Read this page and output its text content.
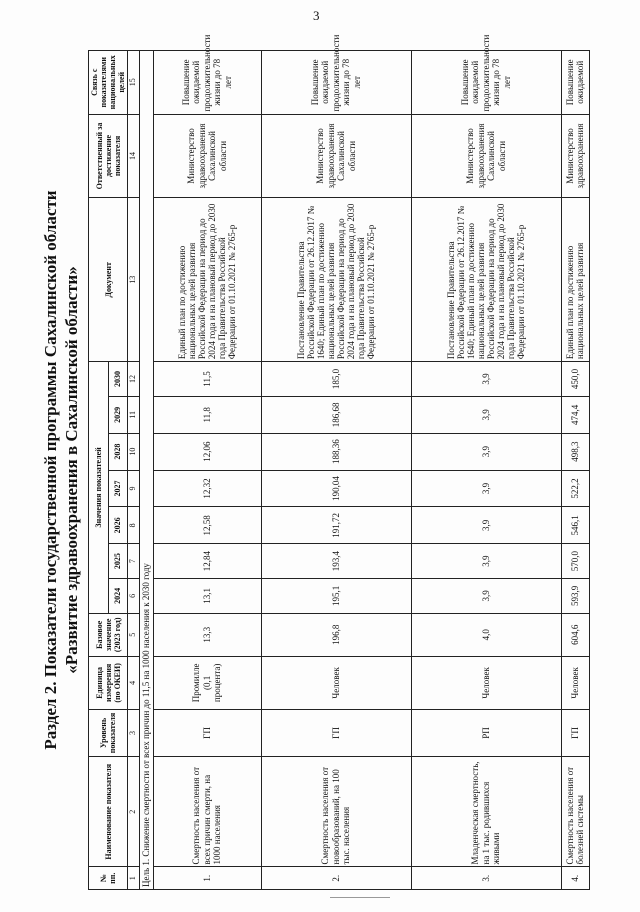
3
Раздел 2. Показатели государственной программы Сахалинской области «Развитие здравоохранения в Сахалинской области»
№ пп.	Наименование показателя	Уровень показателя	Единица измерения (по ОКЕИ)	Базовое значение (2023 год)	Значения показателей							Документ	Ответственный за достижение показателя	Связь с показателями национальных целей
					2024	2025	2026	2027	2028	2029	2030			
1	2	3	4	5	6	7	8	9	10	11	12	13	14	15
Цель 1. Снижение смертности от всех причин до 11,5 на 1000 населения к 2030 году														
1.	Смертность населения от всех причин смерти, на 1000 населения	ГП	Промилле (0,1 процента)	13,3	13,1	12,84	12,58	12,32	12,06	11,8	11,5	Единый план по достижению национальных целей развития Российской Федерации на период до 2024 года и на плановый период до 2030 года Правительства Российской Федерации от 01.10.2021 № 2765-р	Министерство здравоохранения Сахалинской области	Повышение ожидаемой продолжительности жизни до 78 лет
2.	Смертность населения от новообразований, на 100 тыс. населения	ГП	Человек	196,8	195,1	193,4	191,72	190,04	188,36	186,68	185,0	Постановление Правительства Российской Федерации от 26.12.2017 № 1640; Единый план по достижению национальных целей развития Российской Федерации на период до 2024 года и на плановый период до 2030 года Правительства Российской Федерации от 01.10.2021 № 2765-р	Министерство здравоохранения Сахалинской области	Повышение ожидаемой продолжительности жизни до 78 лет
3.	Младенческая смертность, на 1 тыс. родившихся живыми	РП	Человек	4,0	3,9	3,9	3,9	3,9	3,9	3,9	3,9	Постановление Правительства Российской Федерации от 26.12.2017 № 1640; Единый план по достижению национальных целей развития Российской Федерации на период до 2024 года и на плановый период до 2030 года Правительства Российской Федерации от 01.10.2021 № 2765-р	Министерство здравоохранения Сахалинской области	Повышение ожидаемой продолжительности жизни до 78 лет
4.	Смертность населения от болезней системы	ГП	Человек	604,6	593,9	570,0	546,1	522,2	498,3	474,4	450,0	Единый план по достижению национальных целей развития	Министерство здравоохранения	Повышение ожидаемой
